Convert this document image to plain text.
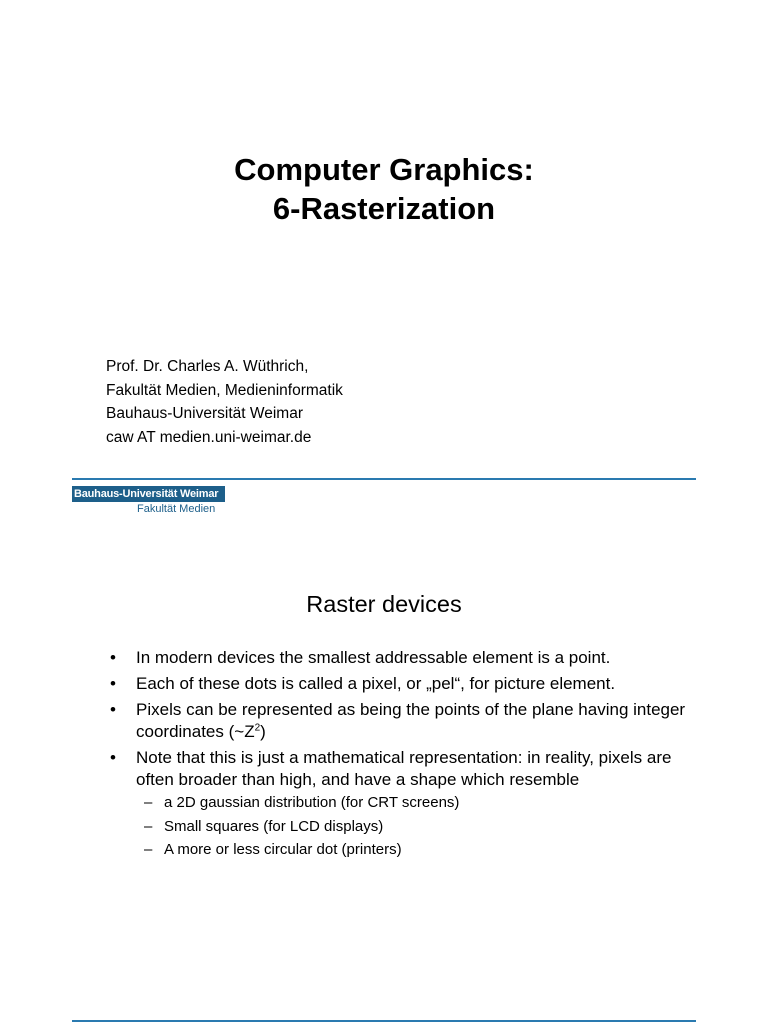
Computer Graphics:
6-Rasterization
Prof. Dr. Charles A. Wüthrich,
Fakultät Medien, Medieninformatik
Bauhaus-Universität Weimar
caw AT medien.uni-weimar.de
Bauhaus-Universität Weimar
Fakultät Medien
Raster devices
• In modern devices the smallest addressable element is a point.
• Each of these dots is called a pixel, or „pel“, for picture element.
• Pixels can be represented as being the points of the plane having integer coordinates $(\sim Z^2)$
• Note that this is just a mathematical representation: in reality, pixels are often broader than high, and have a shape which resemble
– a 2D gaussian distribution (for CRT screens)
– Small squares (for LCD displays)
– A more or less circular dot (printers)
